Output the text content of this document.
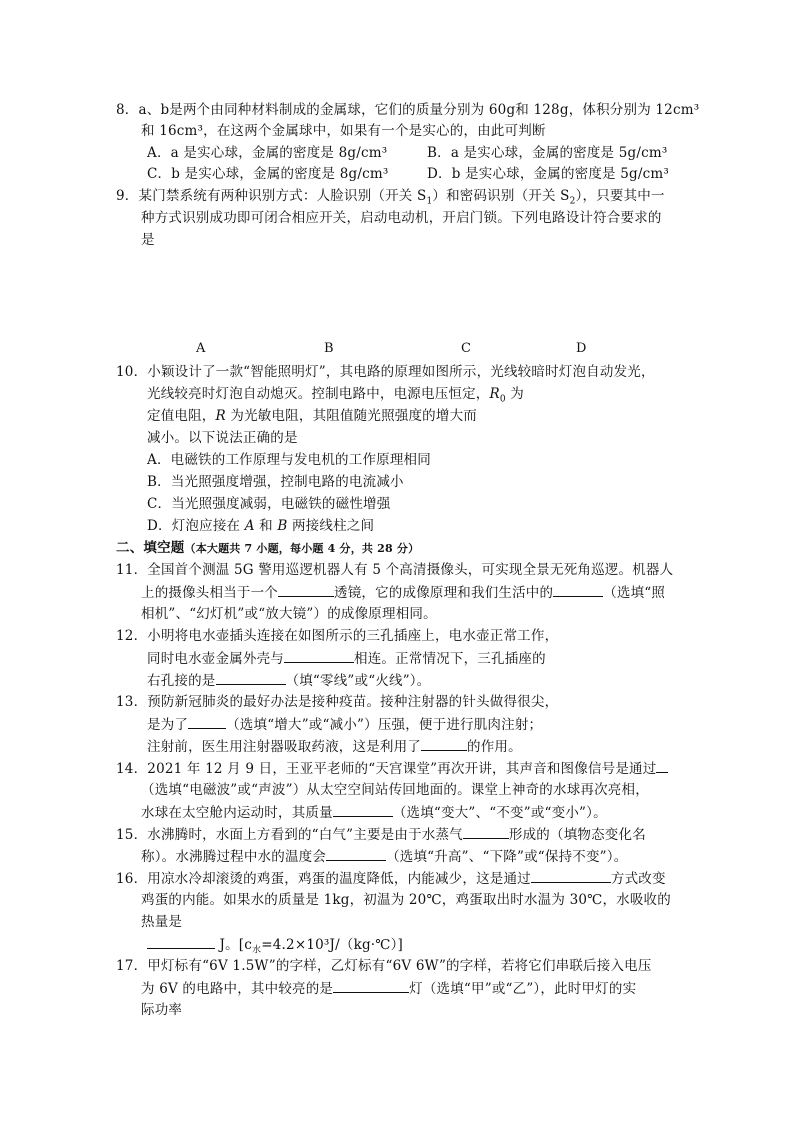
8．a、b是两个由同种材料制成的金属球，它们的质量分别为 60g和 128g，体积分别为 12cm³
和 16cm³，在这两个金属球中，如果有一个是实心的，由此可判断
A．a 是实心球，金属的密度是 8g/cm³	B．a 是实心球，金属的密度是 5g/cm³
C．b 是实心球，金属的密度是 8g/cm³	D．b 是实心球，金属的密度是 5g/cm³
9．某门禁系统有两种识别方式：人脸识别（开关 $S_1$）和密码识别（开关 $S_2$），只要其中一
种方式识别成功即可闭合相应开关，启动电动机，开启门锁。下列电路设计符合要求的
是
A	B	C	D
10．小颖设计了一款“智能照明灯”，其电路的原理如图所示，光线较暗时灯泡自动发光，
光线较亮时灯泡自动熄灭。控制电路中，电源电压恒定，$R_0$ 为
定值电阻，R 为光敏电阻，其阻值随光照强度的增大而
减小。以下说法正确的是
A．电磁铁的工作原理与发电机的工作原理相同
B．当光照强度增强，控制电路的电流减小
C．当光照强度减弱，电磁铁的磁性增强
D．灯泡应接在 A 和 B 两接线柱之间
二、填空题（本大题共 7 小题，每小题 4 分，共 28 分）
11．全国首个测温 5G 警用巡逻机器人有 5 个高清摄像头，可实现全景无死角巡逻。机器人
上的摄像头相当于一个	透镜，它的成像原理和我们生活中的	（选填“照
相机”、“幻灯机”或“放大镜”）的成像原理相同。
12．小明将电水壶插头连接在如图所示的三孔插座上，电水壶正常工作，
同时电水壶金属外壳与	相连。正常情况下，三孔插座的
右孔接的是	（填“零线”或“火线”）。
13．预防新冠肺炎的最好办法是接种疫苗。接种注射器的针头做得很尖，
是为了	（选填“增大”或“减小”）压强，便于进行肌肉注射；
注射前，医生用注射器吸取药液，这是利用了	的作用。
14．2021 年 12 月 9 日，王亚平老师的“天宫课堂”再次开讲，其声音和图像信号是通过
（选填“电磁波”或“声波”）从太空空间站传回地面的。课堂上神奇的水球再次亮相，
水球在太空舱内运动时，其质量	（选填“变大”、“不变”或“变小”）。
15．水沸腾时，水面上方看到的“白气”主要是由于水蒸气	形成的（填物态变化名
称）。水沸腾过程中水的温度会	（选填“升高”、“下降”或“保持不变”）。
16．用凉水冷却滚烫的鸡蛋，鸡蛋的温度降低，内能减少，这是通过	方式改变
鸡蛋的内能。如果水的质量是 1kg，初温为 20℃，鸡蛋取出时水温为 30℃，水吸收的
热量是
J。$[c_水=4.2\times 10^3J/(kg\cdot℃)]$
17．甲灯标有“6V 1.5W”的字样，乙灯标有“6V 6W”的字样，若将它们串联后接入电压
为 6V 的电路中，其中较亮的是	灯（选填“甲”或“乙”），此时甲灯的实
际功率
